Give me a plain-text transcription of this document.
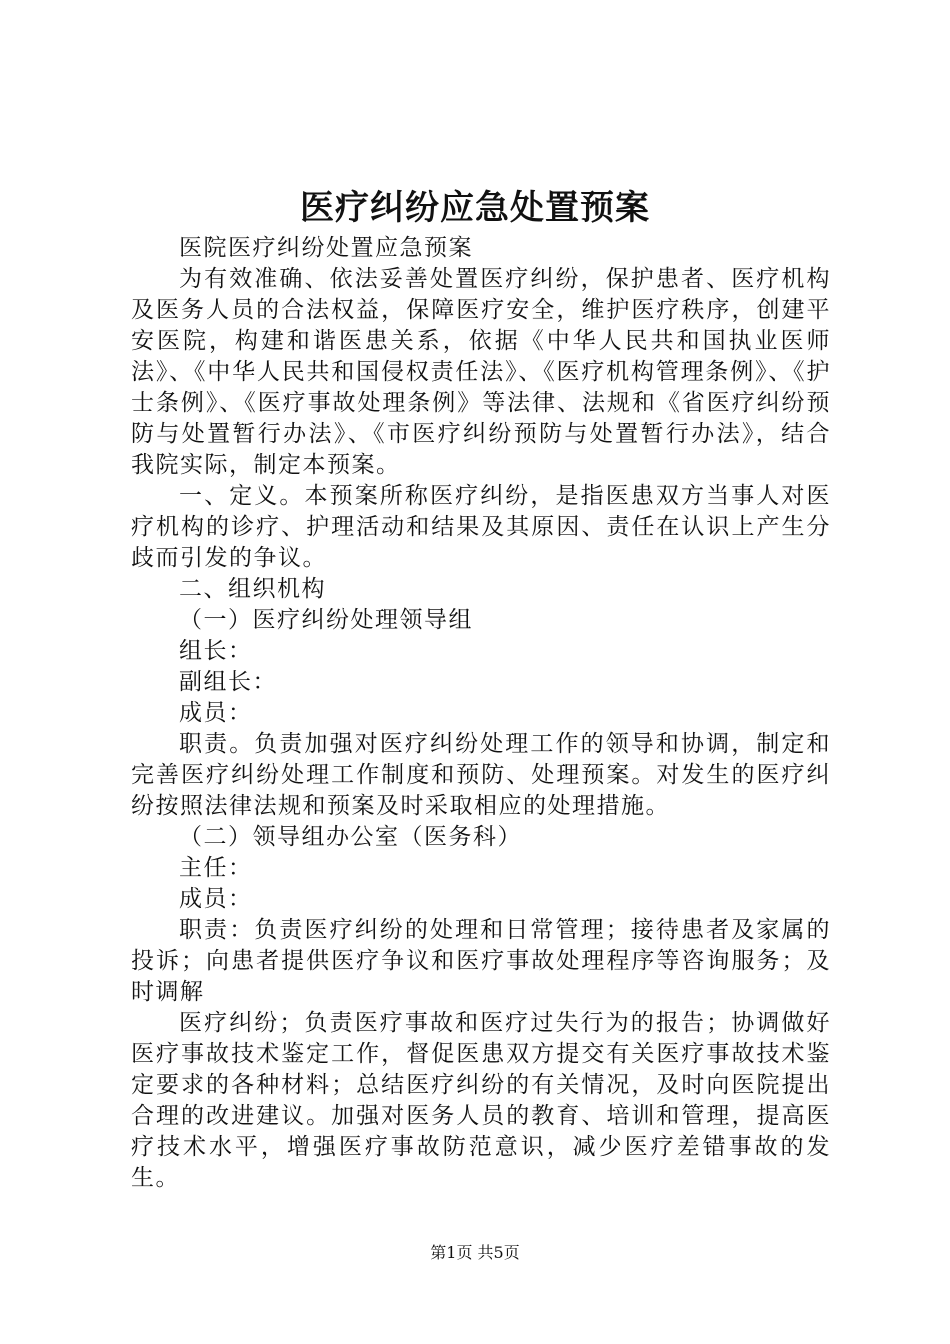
医疗纠纷应急处置预案

医院医疗纠纷处置应急预案

为有效准确、依法妥善处置医疗纠纷，保护患者、医疗机构及医务人员的合法权益，保障医疗安全，维护医疗秩序，创建平安医院，构建和谐医患关系，依据《中华人民共和国执业医师法》、《中华人民共和国侵权责任法》、《医疗机构管理条例》、《护士条例》、《医疗事故处理条例》等法律、法规和《省医疗纠纷预防与处置暂行办法》、《市医疗纠纷预防与处置暂行办法》，结合我院实际，制定本预案。

一、定义。本预案所称医疗纠纷，是指医患双方当事人对医疗机构的诊疗、护理活动和结果及其原因、责任在认识上产生分歧而引发的争议。

二、组织机构

（一）医疗纠纷处理领导组

组长：

副组长：

成员：

职责。负责加强对医疗纠纷处理工作的领导和协调，制定和完善医疗纠纷处理工作制度和预防、处理预案。对发生的医疗纠纷按照法律法规和预案及时采取相应的处理措施。

（二）领导组办公室（医务科）

主任：

成员：

职责：负责医疗纠纷的处理和日常管理；接待患者及家属的投诉；向患者提供医疗争议和医疗事故处理程序等咨询服务；及时调解

医疗纠纷；负责医疗事故和医疗过失行为的报告；协调做好医疗事故技术鉴定工作，督促医患双方提交有关医疗事故技术鉴定要求的各种材料；总结医疗纠纷的有关情况，及时向医院提出合理的改进建议。加强对医务人员的教育、培训和管理，提高医疗技术水平，增强医疗事故防范意识，减少医疗差错事故的发生。

第1页 共5页
